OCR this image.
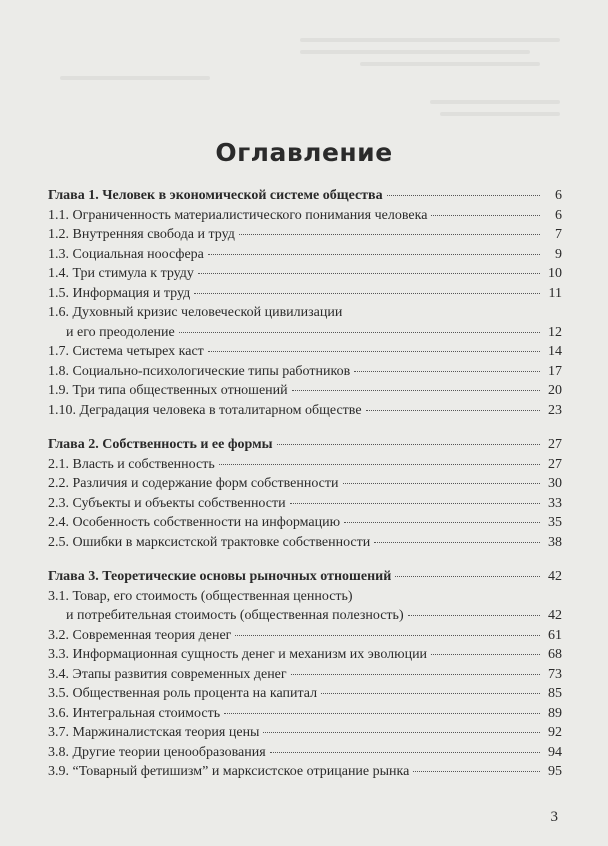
Оглавление
Глава 1. Человек в экономической системе общества	6
1.1. Ограниченность материалистического понимания человека	6
1.2. Внутренняя свобода и труд	7
1.3. Социальная ноосфера	9
1.4. Три стимула к труду	10
1.5. Информация и труд	11
1.6. Духовный кризис человеческой цивилизации
и его преодоление	12
1.7. Система четырех каст	14
1.8. Социально-психологические типы работников	17
1.9. Три типа общественных отношений	20
1.10. Деградация человека в тоталитарном обществе	23
Глава 2. Собственность и ее формы	27
2.1. Власть и собственность	27
2.2. Различия и содержание форм собственности	30
2.3. Субъекты и объекты собственности	33
2.4. Особенность собственности на информацию	35
2.5. Ошибки в марксистской трактовке собственности	38
Глава 3. Теоретические основы рыночных отношений	42
3.1. Товар, его стоимость (общественная ценность)
и потребительная стоимость (общественная полезность)	42
3.2. Современная теория денег	61
3.3. Информационная сущность денег и механизм их эволюции	68
3.4. Этапы развития современных денег	73
3.5. Общественная роль процента на капитал	85
3.6. Интегральная стоимость	89
3.7. Маржиналистская теория цены	92
3.8. Другие теории ценообразования	94
3.9. “Товарный фетишизм” и марксистское отрицание рынка	95
3
